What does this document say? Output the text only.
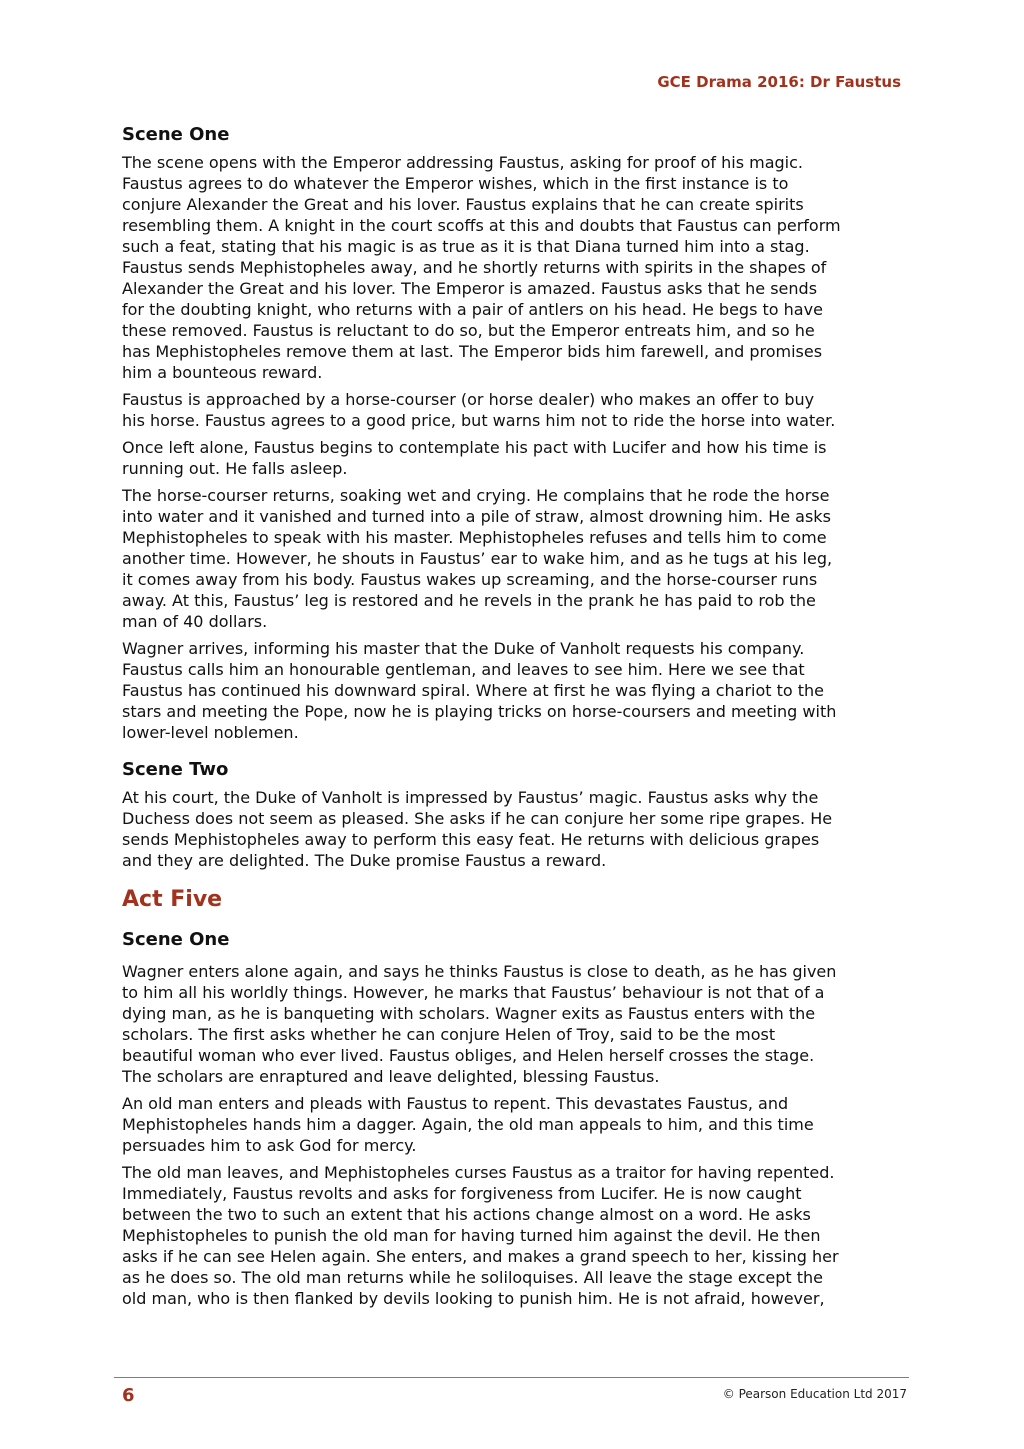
GCE Drama 2016: Dr Faustus
Scene One
The scene opens with the Emperor addressing Faustus, asking for proof of his magic.
Faustus agrees to do whatever the Emperor wishes, which in the first instance is to
conjure Alexander the Great and his lover. Faustus explains that he can create spirits
resembling them. A knight in the court scoffs at this and doubts that Faustus can perform
such a feat, stating that his magic is as true as it is that Diana turned him into a stag.
Faustus sends Mephistopheles away, and he shortly returns with spirits in the shapes of
Alexander the Great and his lover. The Emperor is amazed. Faustus asks that he sends
for the doubting knight, who returns with a pair of antlers on his head. He begs to have
these removed. Faustus is reluctant to do so, but the Emperor entreats him, and so he
has Mephistopheles remove them at last. The Emperor bids him farewell, and promises
him a bounteous reward.
Faustus is approached by a horse-courser (or horse dealer) who makes an offer to buy
his horse. Faustus agrees to a good price, but warns him not to ride the horse into water.
Once left alone, Faustus begins to contemplate his pact with Lucifer and how his time is
running out. He falls asleep.
The horse-courser returns, soaking wet and crying. He complains that he rode the horse
into water and it vanished and turned into a pile of straw, almost drowning him. He asks
Mephistopheles to speak with his master. Mephistopheles refuses and tells him to come
another time. However, he shouts in Faustus’ ear to wake him, and as he tugs at his leg,
it comes away from his body. Faustus wakes up screaming, and the horse-courser runs
away. At this, Faustus’ leg is restored and he revels in the prank he has paid to rob the
man of 40 dollars.
Wagner arrives, informing his master that the Duke of Vanholt requests his company.
Faustus calls him an honourable gentleman, and leaves to see him. Here we see that
Faustus has continued his downward spiral. Where at first he was flying a chariot to the
stars and meeting the Pope, now he is playing tricks on horse-coursers and meeting with
lower-level noblemen.
Scene Two
At his court, the Duke of Vanholt is impressed by Faustus’ magic. Faustus asks why the
Duchess does not seem as pleased. She asks if he can conjure her some ripe grapes. He
sends Mephistopheles away to perform this easy feat. He returns with delicious grapes
and they are delighted. The Duke promise Faustus a reward.
Act Five
Scene One
Wagner enters alone again, and says he thinks Faustus is close to death, as he has given
to him all his worldly things. However, he marks that Faustus’ behaviour is not that of a
dying man, as he is banqueting with scholars. Wagner exits as Faustus enters with the
scholars. The first asks whether he can conjure Helen of Troy, said to be the most
beautiful woman who ever lived. Faustus obliges, and Helen herself crosses the stage.
The scholars are enraptured and leave delighted, blessing Faustus.
An old man enters and pleads with Faustus to repent. This devastates Faustus, and
Mephistopheles hands him a dagger. Again, the old man appeals to him, and this time
persuades him to ask God for mercy.
The old man leaves, and Mephistopheles curses Faustus as a traitor for having repented.
Immediately, Faustus revolts and asks for forgiveness from Lucifer. He is now caught
between the two to such an extent that his actions change almost on a word. He asks
Mephistopheles to punish the old man for having turned him against the devil. He then
asks if he can see Helen again. She enters, and makes a grand speech to her, kissing her
as he does so. The old man returns while he soliloquises. All leave the stage except the
old man, who is then flanked by devils looking to punish him. He is not afraid, however,
6	© Pearson Education Ltd 2017
